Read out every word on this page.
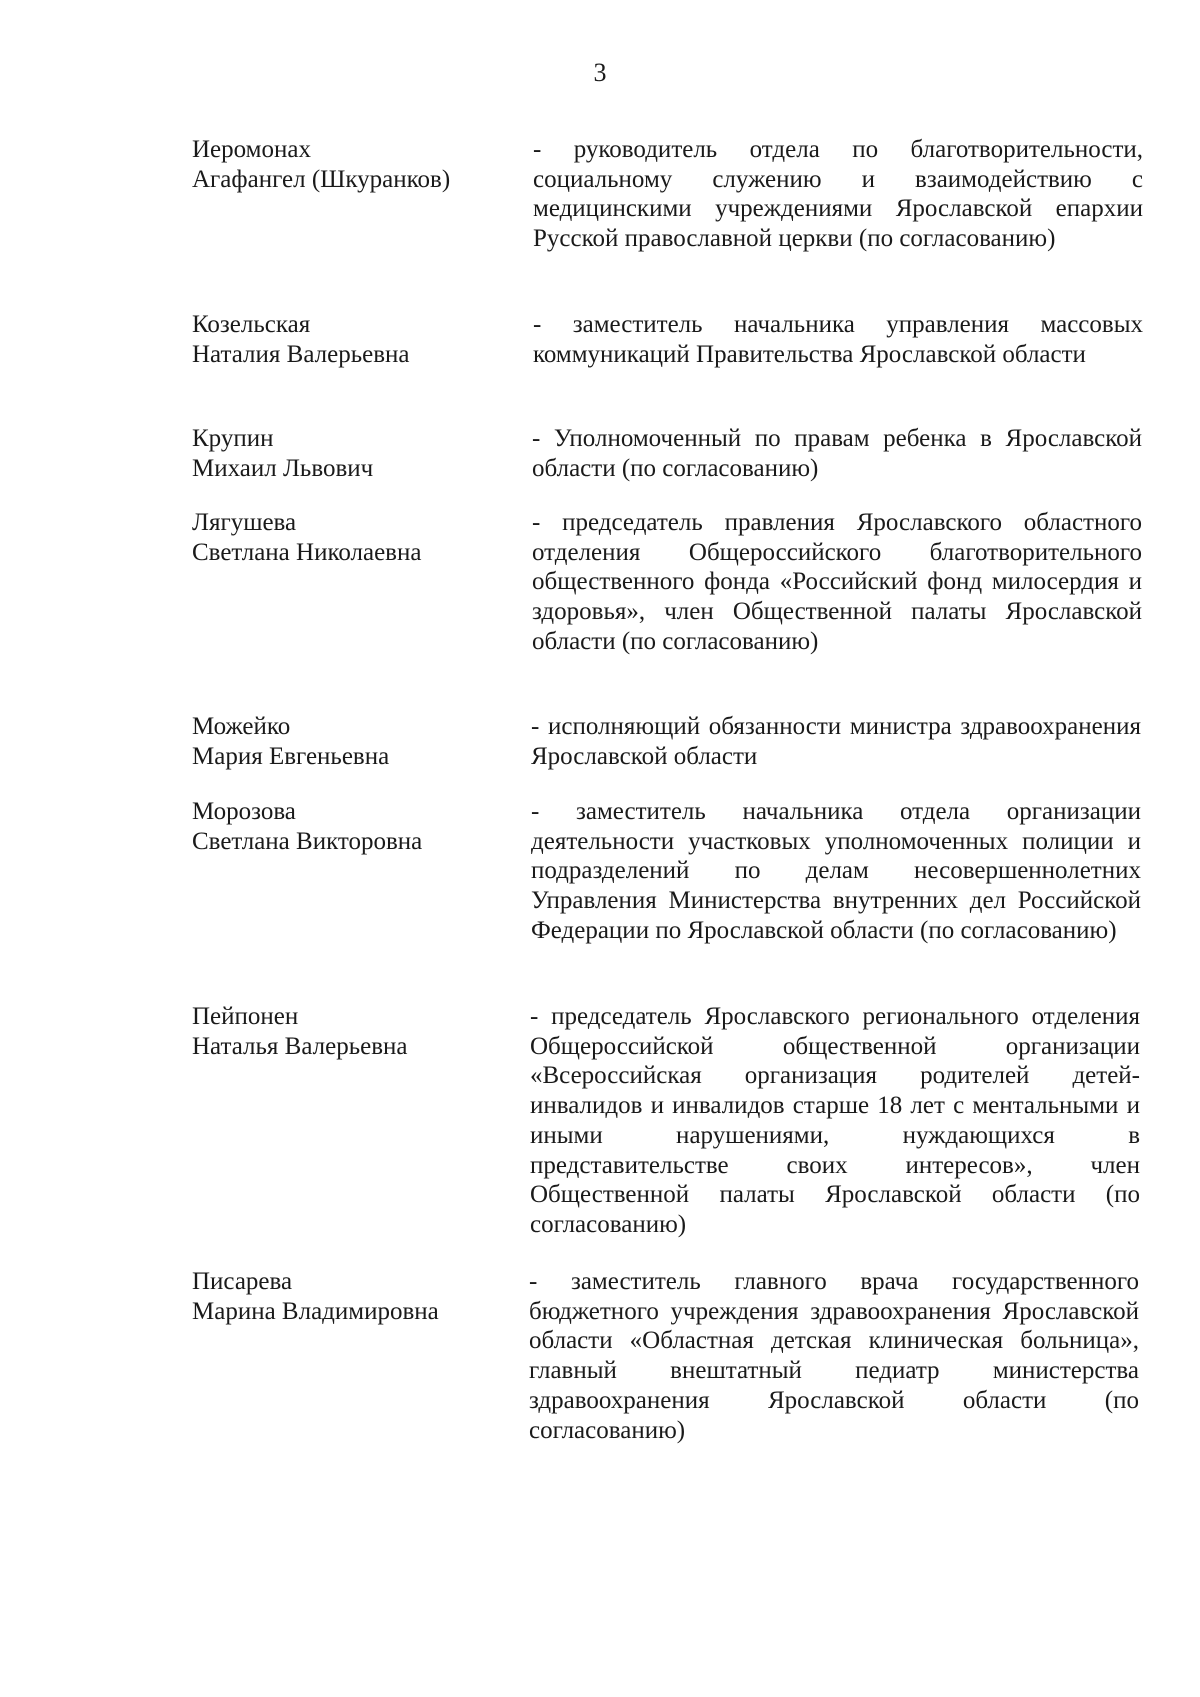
3
Иеромонах
Агафангел (Шкуранков)
- руководитель отдела по благотворительности, социальному служению и взаимодействию с медицинскими учреждениями Ярославской епархии Русской православной церкви (по согласованию)
Козельская
Наталия Валерьевна
- заместитель начальника управления массовых коммуникаций Правительства Ярославской области
Крупин
Михаил Львович
- Уполномоченный по правам ребенка в Ярославской области (по согласованию)
Лягушева
Светлана Николаевна
- председатель правления Ярославского областного отделения Общероссийского благотворительного общественного фонда «Российский фонд милосердия и здоровья», член Общественной палаты Ярославской области (по согласованию)
Можейко
Мария Евгеньевна
- исполняющий обязанности министра здравоохранения Ярославской области
Морозова
Светлана Викторовна
- заместитель начальника отдела организации деятельности участковых уполномоченных полиции и подразделений по делам несовершеннолетних Управления Министерства внутренних дел Российской Федерации по Ярославской области (по согласованию)
Пейпонен
Наталья Валерьевна
- председатель Ярославского регионального отделения Общероссийской общественной организации «Всероссийская организация родителей детей-инвалидов и инвалидов старше 18 лет с ментальными и иными нарушениями, нуждающихся в представительстве своих интересов», член Общественной палаты Ярославской области (по согласованию)
Писарева
Марина Владимировна
- заместитель главного врача государственного бюджетного учреждения здравоохранения Ярославской области «Областная детская клиническая больница», главный внештатный педиатр министерства здравоохранения Ярославской области (по согласованию)
